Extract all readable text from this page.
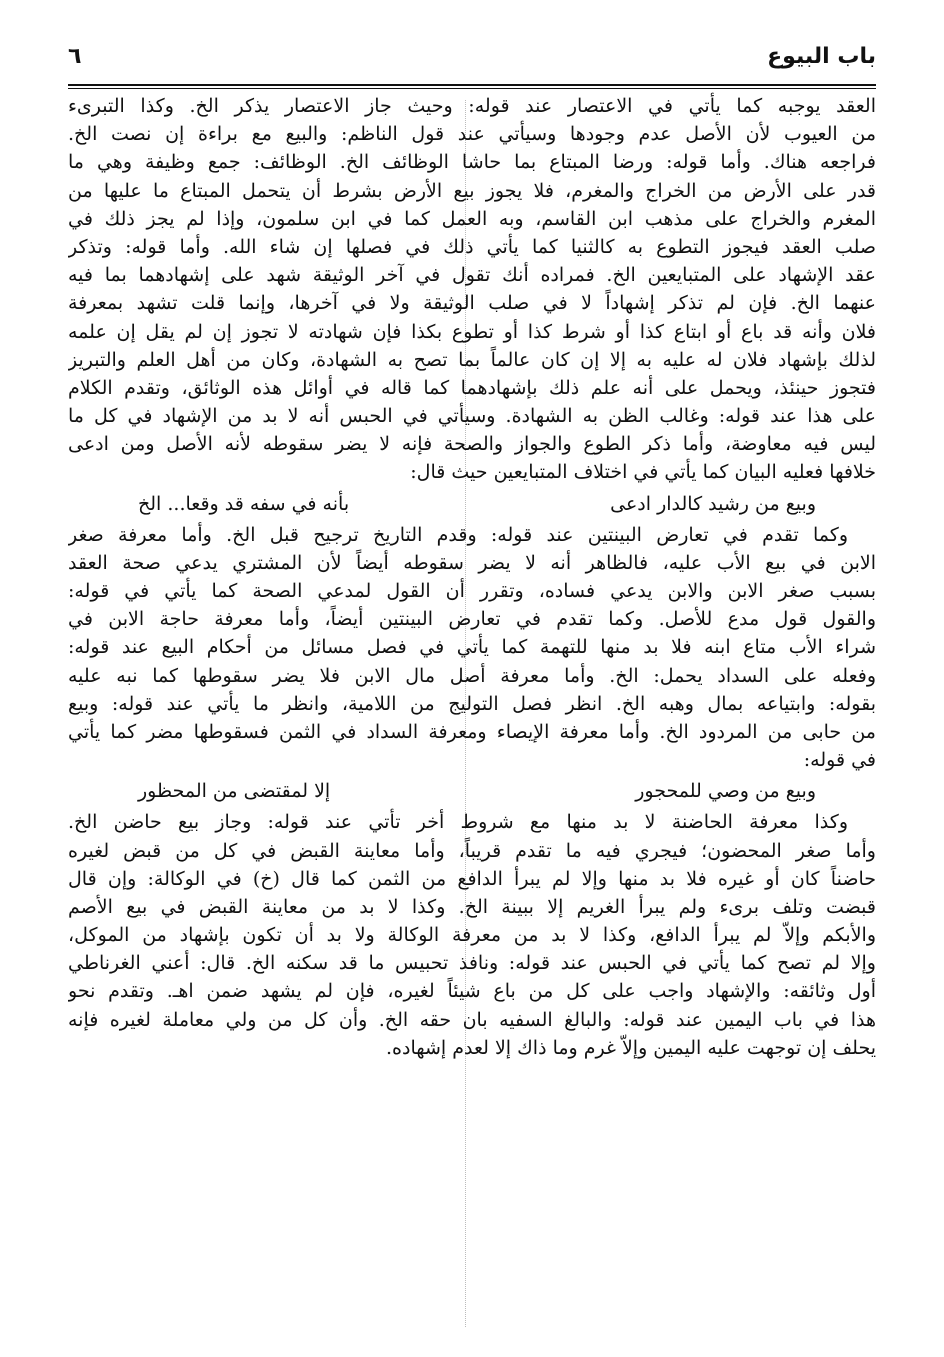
باب البيوع
٦
العقد يوجبه كما يأتي في الاعتصار عند قوله: وحيث جاز الاعتصار يذكر الخ. وكذا التبرىء
من العيوب لأن الأصل عدم وجودها وسيأتي عند قول الناظم: والبيع مع براءة إن نصت الخ.
فراجعه هناك. وأما قوله: ورضا المبتاع بما حاشا الوظائف الخ. الوظائف: جمع وظيفة وهي ما
قدر على الأرض من الخراج والمغرم، فلا يجوز بيع الأرض بشرط أن يتحمل المبتاع ما عليها من
المغرم والخراج على مذهب ابن القاسم، وبه العمل كما في ابن سلمون، وإذا لم يجز ذلك في
صلب العقد فيجوز التطوع به كالثنيا كما يأتي ذلك في فصلها إن شاء الله. وأما قوله: وتذكر
عقد الإشهاد على المتبايعين الخ. فمراده أنك تقول في آخر الوثيقة شهد على إشهادهما بما فيه
عنهما الخ. فإن لم تذكر إشهاداً لا في صلب الوثيقة ولا في آخرها، وإنما قلت تشهد بمعرفة
فلان وأنه قد باع أو ابتاع كذا أو شرط كذا أو تطوع بكذا فإن شهادته لا تجوز إن لم يقل إن علمه
لذلك بإشهاد فلان له عليه به إلا إن كان عالماً بما تصح به الشهادة، وكان من أهل العلم والتبريز
فتجوز حينئذ، ويحمل على أنه علم ذلك بإشهادهما كما قاله في أوائل هذه الوثائق، وتقدم الكلام
على هذا عند قوله: وغالب الظن به الشهادة. وسيأتي في الحبس أنه لا بد من الإشهاد في كل ما
ليس فيه معاوضة، وأما ذكر الطوع والجواز والصحة فإنه لا يضر سقوطه لأنه الأصل ومن ادعى
خلافها فعليه البيان كما يأتي في اختلاف المتبايعين حيث قال:
وبيع من رشيد كالدار ادعى
بأنه في سفه قد وقعا... الخ
وكما تقدم في تعارض البينتين عند قوله: وقدم التاريخ ترجيح قبل الخ. وأما معرفة صغر
الابن في بيع الأب عليه، فالظاهر أنه لا يضر سقوطه أيضاً لأن المشتري يدعي صحة العقد
بسبب صغر الابن والابن يدعي فساده، وتقرر أن القول لمدعي الصحة كما يأتي في قوله:
والقول قول مدع للأصل. وكما تقدم في تعارض البينتين أيضاً، وأما معرفة حاجة الابن في
شراء الأب متاع ابنه فلا بد منها للتهمة كما يأتي في فصل مسائل من أحكام البيع عند قوله:
وفعله على السداد يحمل: الخ. وأما معرفة أصل مال الابن فلا يضر سقوطها كما نبه عليه
بقوله: وابتياعه بمال وهبه الخ. انظر فصل التوليج من اللامية، وانظر ما يأتي عند قوله: وبيع
من حابى من المردود الخ. وأما معرفة الإيصاء ومعرفة السداد في الثمن فسقوطها مضر كما يأتي
في قوله:
وبيع من وصي للمحجور
إلا لمقتضى من المحظور
وكذا معرفة الحاضنة لا بد منها مع شروط أخر تأتي عند قوله: وجاز بيع حاضن الخ.
وأما صغر المحضون؛ فيجري فيه ما تقدم قريباً، وأما معاينة القبض في كل من قبض لغيره
حاضناً كان أو غيره فلا بد منها وإلا لم يبرأ الدافع من الثمن كما قال (خ) في الوكالة: وإن قال
قبضت وتلف برىء ولم يبرأ الغريم إلا ببينة الخ. وكذا لا بد من معاينة القبض في بيع الأصم
والأبكم وإلاّ لم يبرأ الدافع، وكذا لا بد من معرفة الوكالة ولا بد أن تكون بإشهاد من الموكل،
وإلا لم تصح كما يأتي في الحبس عند قوله: ونافذ تحبيس ما قد سكنه الخ. قال: أعني الغرناطي
أول وثائقه: والإشهاد واجب على كل من باع شيئاً لغيره، فإن لم يشهد ضمن اهـ. وتقدم نحو
هذا في باب اليمين عند قوله: والبالغ السفيه بان حقه الخ. وأن كل من ولي معاملة لغيره فإنه
يحلف إن توجهت عليه اليمين وإلاّ غرم وما ذاك إلا لعدم إشهاده.
